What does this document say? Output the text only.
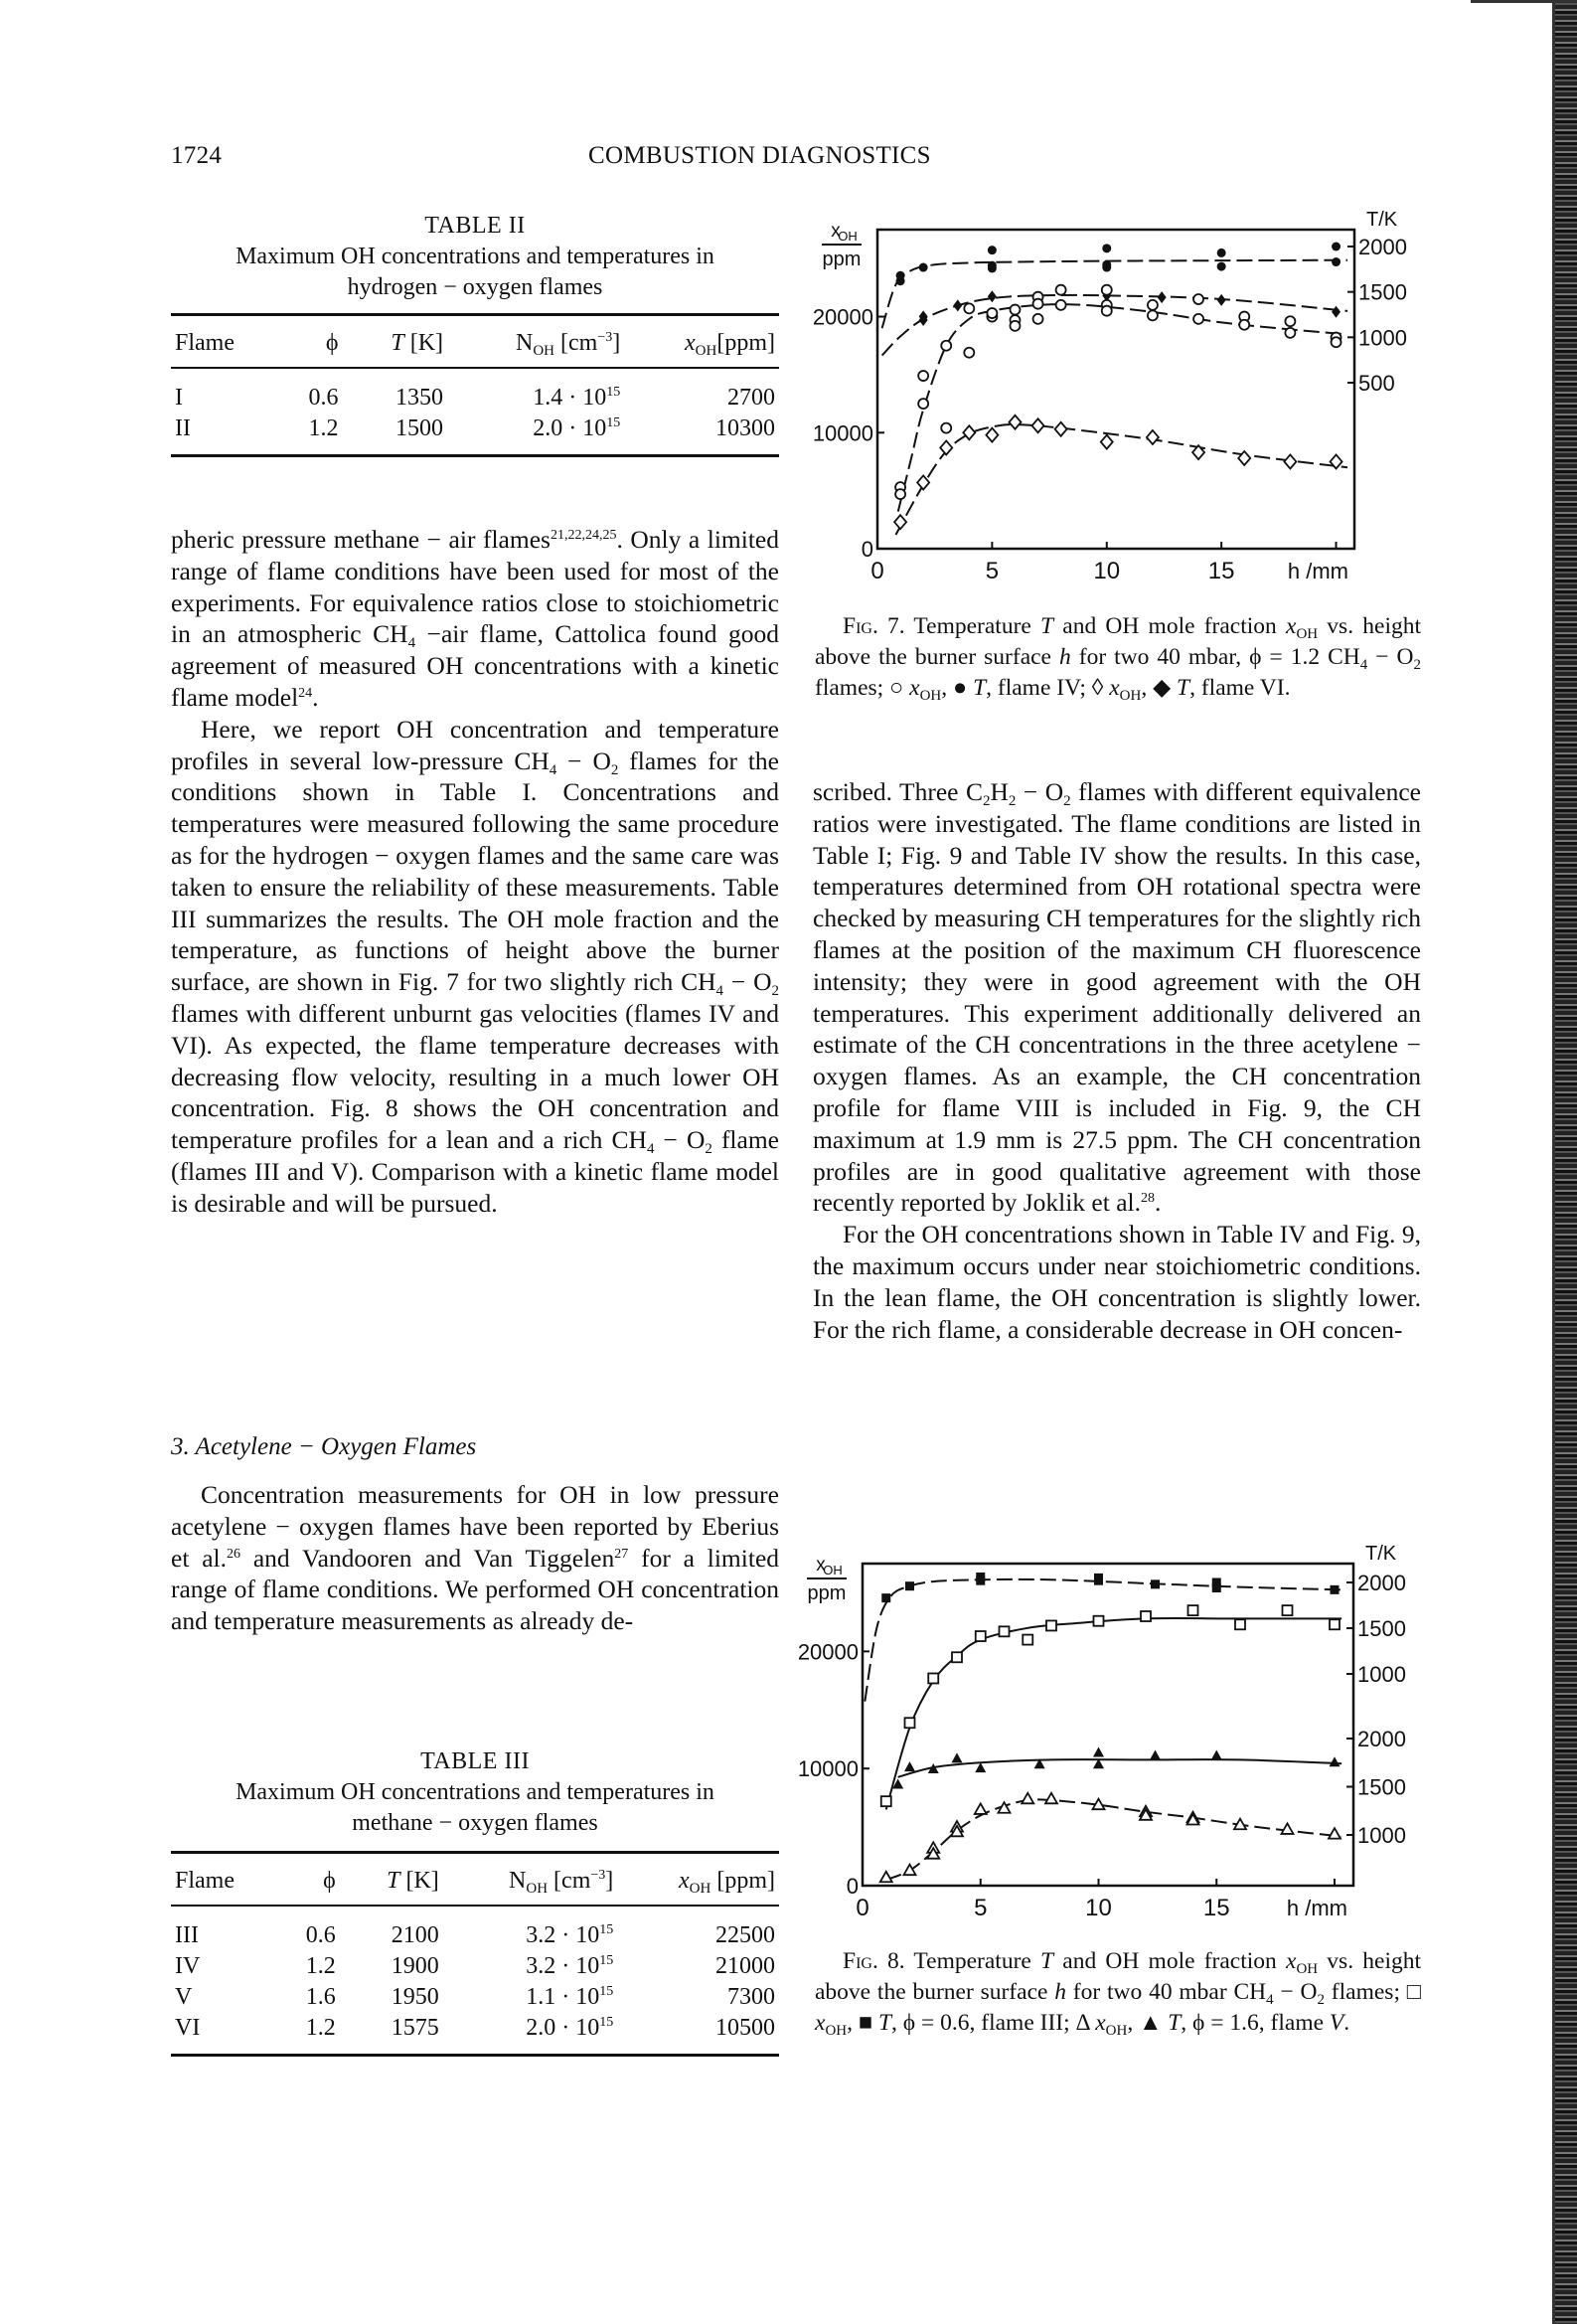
1724	COMBUSTION DIAGNOSTICS
TABLE II
Maximum OH concentrations and temperatures in
hydrogen − oxygen flames
Flame	ϕ	T [K]	$N_{OH}$ $[cm^{-3}]$	$x_{OH}[ppm]$
I	0.6	1350	$1.4 \cdot 10^{15}$	2700
II	1.2	1500	$2.0 \cdot 10^{15}$	10300

pheric pressure methane − air flames$^{21,22,24,25}$. Only a limited range of flame conditions have been used for most of the experiments. For equivalence ratios close to stoichiometric in an atmospheric $CH_4 -air$ flame, Cattolica found good agreement of measured OH concentrations with a kinetic flame model$^{24}$.

Here, we report OH concentration and temperature profiles in several low-pressure $CH_4 - O_2$ flames for the conditions shown in Table I. Concentrations and temperatures were measured following the same procedure as for the hydrogen − oxygen flames and the same care was taken to ensure the reliability of these measurements. Table III summarizes the results. The OH mole fraction and the temperature, as functions of height above the burner surface, are shown in Fig. 7 for two slightly rich $CH_4 - O_2$ flames with different unburnt gas velocities (flames IV and VI). As expected, the flame temperature decreases with decreasing flow velocity, resulting in a much lower OH concentration. Fig. 8 shows the OH concentration and temperature profiles for a lean and a rich $CH_4 - O_2$ flame (flames III and V). Comparison with a kinetic flame model is desirable and will be pursued.

3. Acetylene − Oxygen Flames

Concentration measurements for OH in low pressure acetylene − oxygen flames have been reported by Eberius et al.$^{26}$ and Vandooren and Van Tiggelen$^{27}$ for a limited range of flame conditions. We performed OH concentration and temperature measurements as already de-

TABLE III
Maximum OH concentrations and temperatures in
methane − oxygen flames
Flame	ϕ	T [K]	$N_{OH}$ $[cm^{-3}]$	$x_{OH}$ [ppm]
III	0.6	2100	$3.2 \cdot 10^{15}$	22500
IV	1.2	1900	$3.2 \cdot 10^{15}$	21000
V	1.6	1950	$1.1 \cdot 10^{15}$	7300
VI	1.2	1575	$2.0 \cdot 10^{15}$	10500
0	5	10	15 h /mm
0
10000
20000
x
OH
ppm
T/K
500
1000
1500
2000
Fig. 7. Temperature T and OH mole fraction $x_{OH}$ vs. height above the burner surface h for two 40 mbar, ϕ = 1.2 $CH_4 - O_2$ flames; ○ $x_{OH}$, ● T, flame IV; ◊ $x_{OH}$, ◆ T, flame VI.

scribed. Three $C_2H_2 - O_2$ flames with different equivalence ratios were investigated. The flame conditions are listed in Table I; Fig. 9 and Table IV show the results. In this case, temperatures determined from OH rotational spectra were checked by measuring CH temperatures for the slightly rich flames at the position of the maximum CH fluorescence intensity; they were in good agreement with the OH temperatures. This experiment additionally delivered an estimate of the CH concentrations in the three acetylene − oxygen flames. As an example, the CH concentration profile for flame VIII is included in Fig. 9, the CH maximum at 1.9 mm is 27.5 ppm. The CH concentration profiles are in good qualitative agreement with those recently reported by Joklik et al.$^{28}$.

For the OH concentrations shown in Table IV and Fig. 9, the maximum occurs under near stoichiometric conditions. In the lean flame, the OH concentration is slightly lower. For the rich flame, a considerable decrease in OH concen-

0	5	10	15	h /mm
0
10000
20000
x
OH
ppm
T/K
1000
1500
2000
1000
1500
2000
Fig. 8. Temperature T and OH mole fraction $x_{OH}$ vs. height above the burner surface h for two 40 mbar $CH_4 - O_2$ flames; □ $x_{OH}$, ■ T, ϕ = 0.6, flame III; Δ $x_{OH}$, ▲ T, ϕ = 1.6, flame V.
